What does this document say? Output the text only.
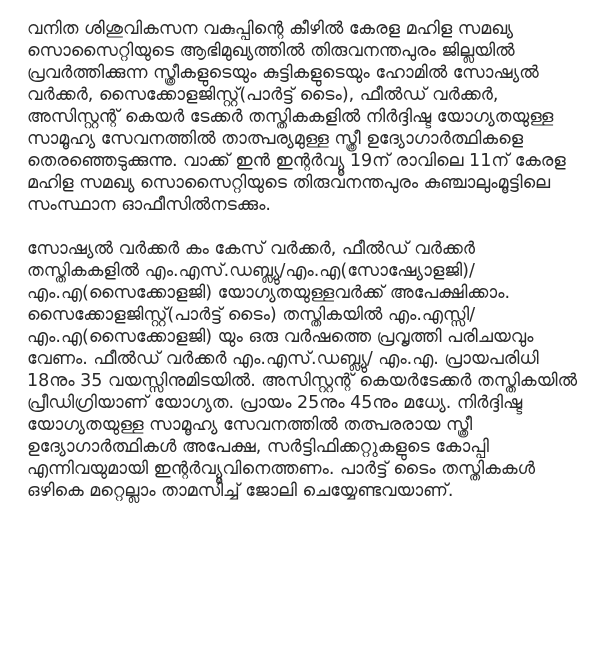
വനിത ശിശുവികസന വകുപ്പിന്റെ കീഴിൽ കേരള മഹിള സമഖ്യ സൊസൈറ്റിയുടെ ആഭിമുഖ്യത്തിൽ തിരുവനന്തപുരം ജില്ലയിൽ പ്രവർത്തിക്കുന്ന സ്ത്രീകളുടെയും കുട്ടികളുടെയും ഹോമിൽ സോഷ്യൽ വർക്കർ, സൈക്കോളജിസ്റ്റ്(പാർട്ട് ടൈം), ഫീൽഡ് വർക്കർ, അസിസ്റ്റന്റ് കെയർ ടേക്കർ തസ്തികകളിൽ നിർദ്ദിഷ്ട യോഗ്യതയുള്ള സാമൂഹ്യ സേവനത്തിൽ താത്പര്യമുള്ള സ്ത്രീ ഉദ്യോഗാർത്ഥികളെ തെരഞ്ഞെടുക്കുന്നു. വാക്ക് ഇൻ ഇന്റർവ്യൂ 19ന് രാവിലെ 11ന് കേരള മഹിള സമഖ്യ സൊസൈറ്റിയുടെ തിരുവനന്തപുരം കുഞ്ചാലുംമൂട്ടിലെ സംസ്ഥാന ഓഫീസിൽനടക്കും.

സോഷ്യൽ വർക്കർ കം കേസ് വർക്കർ, ഫീൽഡ് വർക്കർ തസ്തികകളിൽ എം.എസ്.ഡബ്ല്യു/എം.എ(സോഷ്യോളജി)/എം.എ(സൈക്കോളജി) യോഗ്യതയുള്ളവർക്ക് അപേക്ഷിക്കാം. സൈക്കോളജിസ്റ്റ്(പാർട്ട് ടൈം) തസ്തികയിൽ എം.എസ്സി/ എം.എ(സൈക്കോളജി) യും ഒരു വർഷത്തെ പ്രവൃത്തി പരിചയവും വേണം. ഫീൽഡ് വർക്കർ എം.എസ്.ഡബ്ല്യു/ എം.എ. പ്രായപരിധി 18നും 35 വയസ്സിനുമിടയിൽ. അസിസ്റ്റന്റ് കെയർടേക്കർ തസ്തികയിൽ പ്രീഡിഗ്രിയാണ് യോഗ്യത. പ്രായം 25നും 45നും മധ്യേ. നിർദ്ദിഷ്ട യോഗ്യതയുള്ള സാമൂഹ്യ സേവനത്തിൽ തത്പരരായ സ്ത്രീ ഉദ്യോഗാർത്ഥികൾ അപേക്ഷ, സർട്ടിഫിക്കറ്റുകളുടെ കോപ്പി എന്നിവയുമായി ഇന്റർവ്യൂവിനെത്തണം. പാർട്ട് ടൈം തസ്തികകൾ ഒഴികെ മറ്റെല്ലാം താമസിച്ച് ജോലി ചെയ്യേണ്ടവയാണ്.
